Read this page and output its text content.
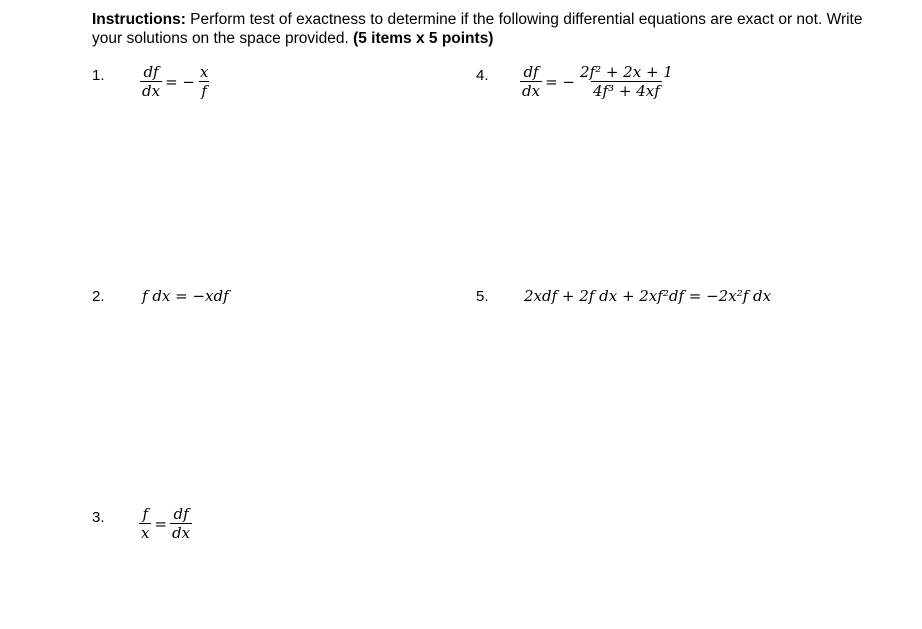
Instructions: Perform test of exactness to determine if the following differential equations are exact or not. Write your solutions on the space provided. (5 items x 5 points)
1. $\frac{df}{dx}$ = − $\frac{x}{f}$	4. $\frac{df}{dx}$ = − $\frac{\text{2f² + 2x + 1}}{\text{4f³ + 4xf}}$
2. f dx = −xdf	5. 2xdf + 2f dx + 2xf²df = −2x²f dx
3. $\frac{f}{x} = \frac{df}{dx}$
